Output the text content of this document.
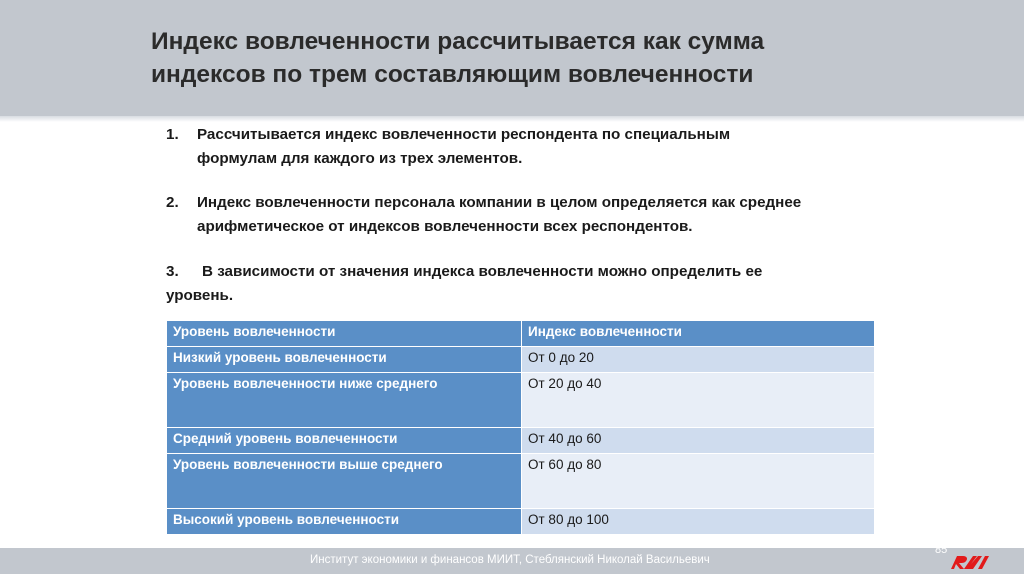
Индекс вовлеченности рассчитывается как сумма
индексов по трем составляющим вовлеченности
1.	Рассчитывается индекс вовлеченности респондента по специальным
формулам для каждого из трех элементов.
2.	Индекс вовлеченности персонала компании в целом определяется как среднее
арифметическое от индексов вовлеченности всех респондентов.
3.	В зависимости от значения индекса вовлеченности можно определить ее
уровень.
Уровень вовлеченности	Индекс вовлеченности
Низкий уровень вовлеченности	От 0 до 20
Уровень вовлеченности ниже среднего	От 20 до 40
Средний уровень вовлеченности	От 40 до 60
Уровень вовлеченности выше среднего	От 60 до 80
Высокий уровень вовлеченности	От 80 до 100
Институт экономики и финансов МИИТ, Стеблянский Николай Васильевич
85
